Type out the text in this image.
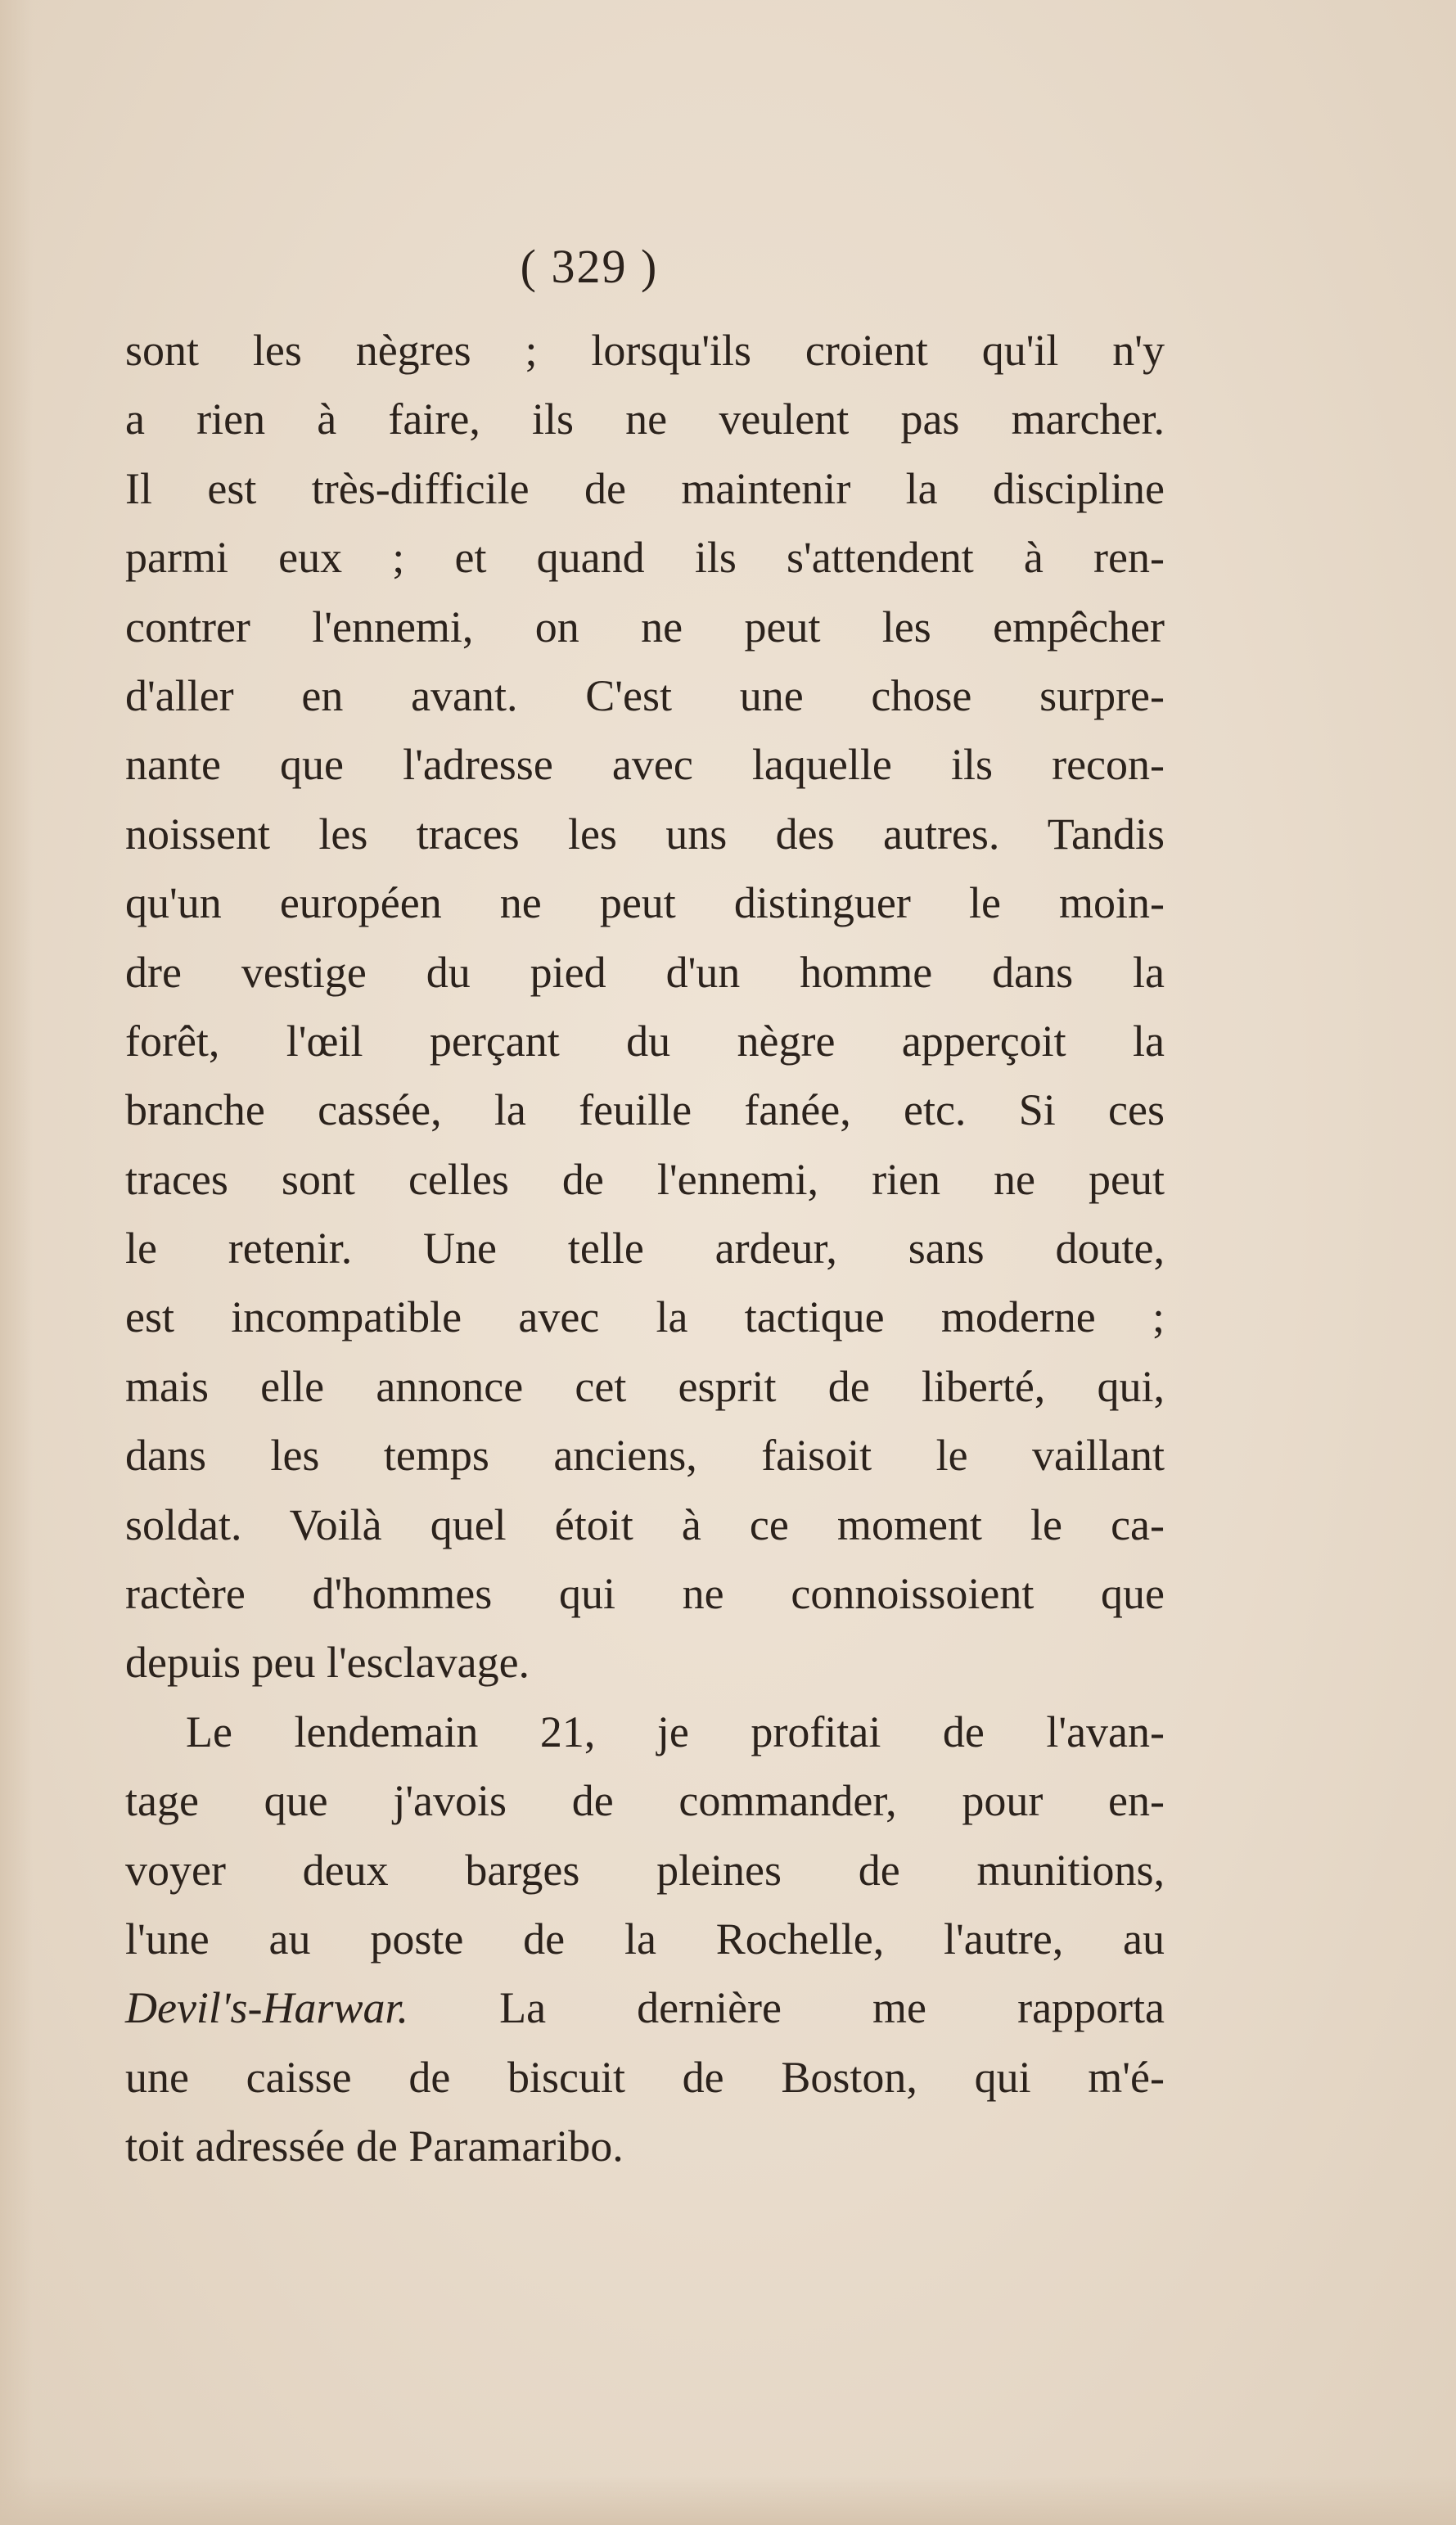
( 329 )
sont les nègres ; lorsqu'ils croient qu'il n'y
a rien à faire, ils ne veulent pas marcher.
Il est très-difficile de maintenir la discipline
parmi eux ; et quand ils s'attendent à ren-
contrer l'ennemi, on ne peut les empêcher
d'aller en avant. C'est une chose surpre-
nante que l'adresse avec laquelle ils recon-
noissent les traces les uns des autres. Tandis
qu'un européen ne peut distinguer le moin-
dre vestige du pied d'un homme dans la
forêt, l'œil perçant du nègre apperçoit la
branche cassée, la feuille fanée, etc. Si ces
traces sont celles de l'ennemi, rien ne peut
le retenir. Une telle ardeur, sans doute,
est incompatible avec la tactique moderne ;
mais elle annonce cet esprit de liberté, qui,
dans les temps anciens, faisoit le vaillant
soldat. Voilà quel étoit à ce moment le ca-
ractère d'hommes qui ne connoissoient que
depuis peu l'esclavage.
Le lendemain 21, je profitai de l'avan-
tage que j'avois de commander, pour en-
voyer deux barges pleines de munitions,
l'une au poste de la Rochelle, l'autre, au
Devil's-Harwar. La dernière me rapporta
une caisse de biscuit de Boston, qui m'é-
toit adressée de Paramaribo.
